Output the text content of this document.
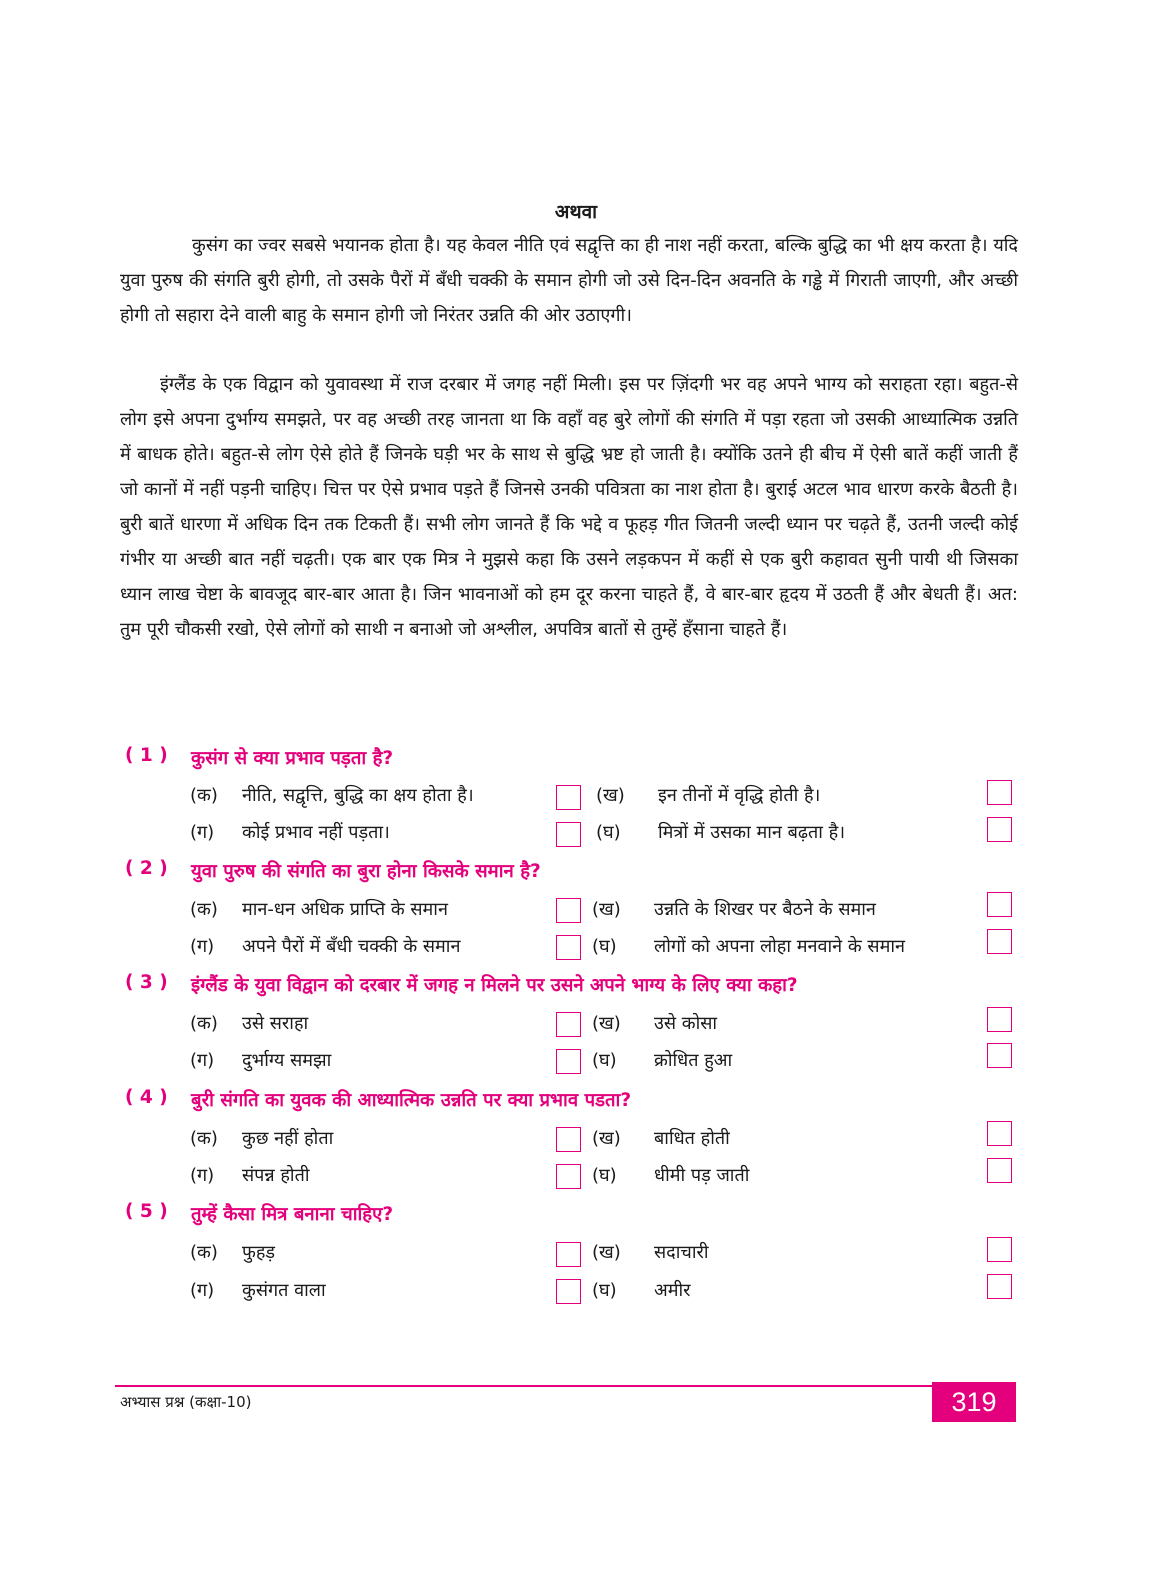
अथवा

कुसंग का ज्वर सबसे भयानक होता है। यह केवल नीति एवं सद्वृत्ति का ही नाश नहीं करता, बल्कि बुद्धि का भी क्षय करता है। यदि युवा पुरुष की संगति बुरी होगी, तो उसके पैरों में बँधी चक्की के समान होगी जो उसे दिन-दिन अवनति के गड्ढे में गिराती जाएगी, और अच्छी होगी तो सहारा देने वाली बाहु के समान होगी जो निरंतर उन्नति की ओर उठाएगी।

इंग्लैंड के एक विद्वान को युवावस्था में राज दरबार में जगह नहीं मिली। इस पर ज़िंदगी भर वह अपने भाग्य को सराहता रहा। बहुत-से लोग इसे अपना दुर्भाग्य समझते, पर वह अच्छी तरह जानता था कि वहाँ वह बुरे लोगों की संगति में पड़ा रहता जो उसकी आध्यात्मिक उन्नति में बाधक होते। बहुत-से लोग ऐसे होते हैं जिनके घड़ी भर के साथ से बुद्धि भ्रष्ट हो जाती है। क्योंकि उतने ही बीच में ऐसी बातें कहीं जाती हैं जो कानों में नहीं पड़नी चाहिए। चित्त पर ऐसे प्रभाव पड़ते हैं जिनसे उनकी पवित्रता का नाश होता है। बुराई अटल भाव धारण करके बैठती है। बुरी बातें धारणा में अधिक दिन तक टिकती हैं। सभी लोग जानते हैं कि भद्दे व फूहड़ गीत जितनी जल्दी ध्यान पर चढ़ते हैं, उतनी जल्दी कोई गंभीर या अच्छी बात नहीं चढ़ती। एक बार एक मित्र ने मुझसे कहा कि उसने लड़कपन में कहीं से एक बुरी कहावत सुनी पायी थी जिसका ध्यान लाख चेष्टा के बावजूद बार-बार आता है। जिन भावनाओं को हम दूर करना चाहते हैं, वे बार-बार हृदय में उठती हैं और बेधती हैं। अत: तुम पूरी चौकसी रखो, ऐसे लोगों को साथी न बनाओ जो अश्लील, अपवित्र बातों से तुम्हें हँसाना चाहते हैं।

( 1 ) कुसंग से क्या प्रभाव पड़ता है?
(क) नीति, सद्वृत्ति, बुद्धि का क्षय होता है।	(ख) इन तीनों में वृद्धि होती है।
(ग) कोई प्रभाव नहीं पड़ता।	(घ) मित्रों में उसका मान बढ़ता है।
( 2 ) युवा पुरुष की संगति का बुरा होना किसके समान है?
(क) मान-धन अधिक प्राप्ति के समान	(ख) उन्नति के शिखर पर बैठने के समान
(ग) अपने पैरों में बँधी चक्की के समान	(घ) लोगों को अपना लोहा मनवाने के समान
( 3 ) इंग्लैंड के युवा विद्वान को दरबार में जगह न मिलने पर उसने अपने भाग्य के लिए क्या कहा?
(क) उसे सराहा	(ख) उसे कोसा
(ग) दुर्भाग्य समझा	(घ) क्रोधित हुआ
( 4 ) बुरी संगति का युवक की आध्यात्मिक उन्नति पर क्या प्रभाव पडता?
(क) कुछ नहीं होता	(ख) बाधित होती
(ग) संपन्न होती	(घ) धीमी पड़ जाती
( 5 ) तुम्हें कैसा मित्र बनाना चाहिए?
(क) फुहड़	(ख) सदाचारी
(ग) कुसंगत वाला	(घ) अमीर
अभ्यास प्रश्न (कक्षा-10)	319
